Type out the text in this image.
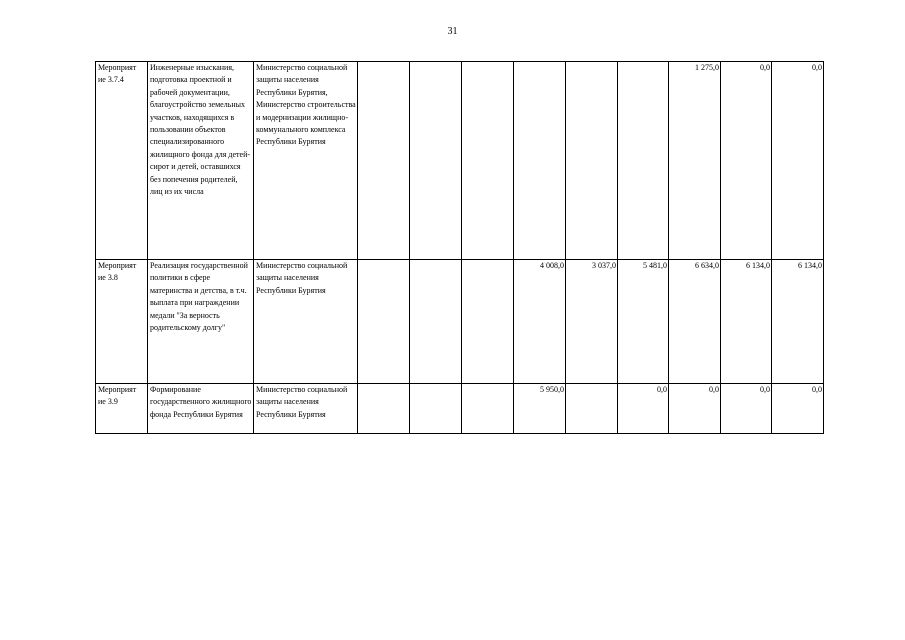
31
Мероприят ие 3.7.4	Инженерные изыскания, подготовка проектной и рабочей документации, благоустройство земельных участков, находящихся в пользовании объектов специализированного жилищного фонда для детей-сирот и детей, оставшихся без попечения родителей, лиц из их числа	Министерство социальной защиты населения Республики Бурятия, Министерство строительства и модернизации жилищно-коммунального комплекса Республики Бурятия							1 275,0	0,0	0,0
Мероприят ие 3.8	Реализация государственной политики в сфере материнства и детства, в т.ч. выплата при награждении медали "За верность родительскому долгу"	Министерство социальной защиты населения Республики Бурятия				4 008,0	3 037,0	5 481,0	6 634,0	6 134,0	6 134,0
Мероприят ие 3.9	Формирование государственного жилищного фонда Республики Бурятия	Министерство социальной защиты населения Республики Бурятия				5 950,0		0,0	0,0	0,0	0,0
